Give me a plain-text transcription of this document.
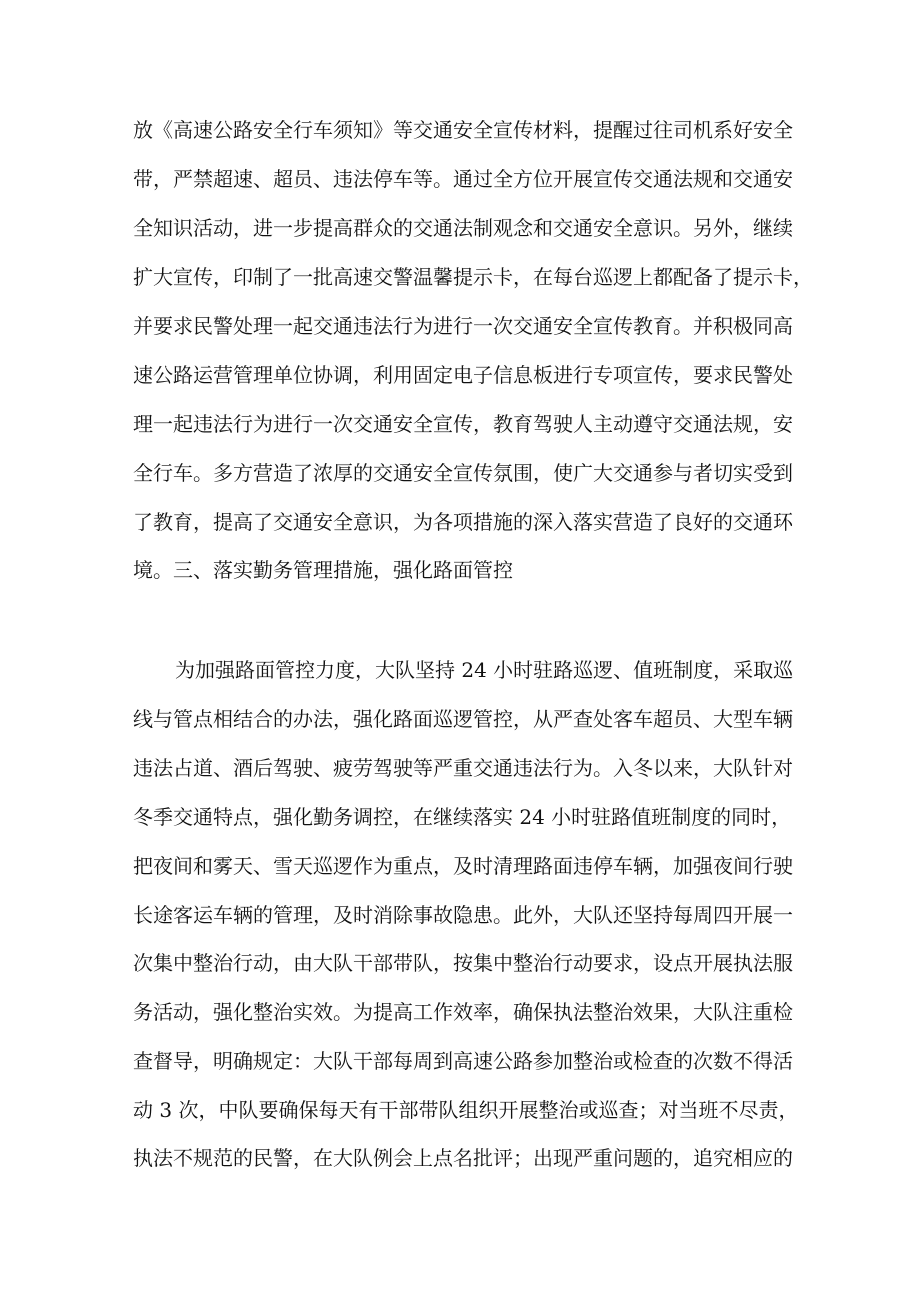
放《高速公路安全行车须知》等交通安全宣传材料，提醒过往司机系好安全
带，严禁超速、超员、违法停车等。通过全方位开展宣传交通法规和交通安
全知识活动，进一步提高群众的交通法制观念和交通安全意识。另外，继续
扩大宣传，印制了一批高速交警温馨提示卡，在每台巡逻上都配备了提示卡，
并要求民警处理一起交通违法行为进行一次交通安全宣传教育。并积极同高
速公路运营管理单位协调，利用固定电子信息板进行专项宣传，要求民警处
理一起违法行为进行一次交通安全宣传，教育驾驶人主动遵守交通法规，安
全行车。多方营造了浓厚的交通安全宣传氛围，使广大交通参与者切实受到
了教育，提高了交通安全意识，为各项措施的深入落实营造了良好的交通环
境。三、落实勤务管理措施，强化路面管控
为加强路面管控力度，大队坚持 24 小时驻路巡逻、值班制度，采取巡
线与管点相结合的办法，强化路面巡逻管控，从严查处客车超员、大型车辆
违法占道、酒后驾驶、疲劳驾驶等严重交通违法行为。入冬以来，大队针对
冬季交通特点，强化勤务调控，在继续落实 24 小时驻路值班制度的同时，
把夜间和雾天、雪天巡逻作为重点，及时清理路面违停车辆，加强夜间行驶
长途客运车辆的管理，及时消除事故隐患。此外，大队还坚持每周四开展一
次集中整治行动，由大队干部带队，按集中整治行动要求，设点开展执法服
务活动，强化整治实效。为提高工作效率，确保执法整治效果，大队注重检
查督导，明确规定：大队干部每周到高速公路参加整治或检查的次数不得活
动 3 次，中队要确保每天有干部带队组织开展整治或巡查；对当班不尽责，
执法不规范的民警，在大队例会上点名批评；出现严重问题的，追究相应的
